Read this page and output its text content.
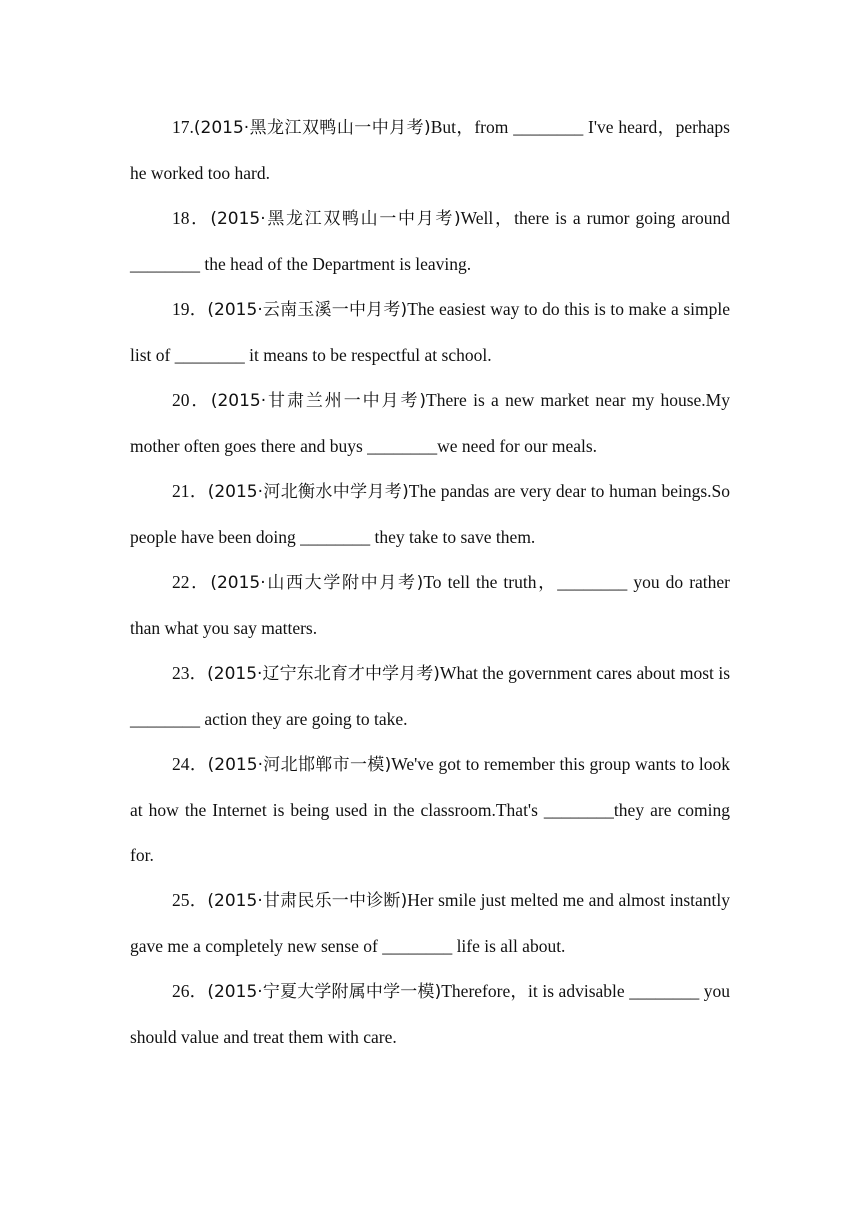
17.(2015·黑龙江双鸭山一中月考)But，from ________ I've heard，perhaps he worked too hard.

18．(2015·黑龙江双鸭山一中月考)Well，there is a rumor going around ________ the head of the Department is leaving.

19．(2015·云南玉溪一中月考)The easiest way to do this is to make a simple list of ________ it means to be respectful at school.

20．(2015·甘肃兰州一中月考)There is a new market near my house.My mother often goes there and buys ________we need for our meals.

21．(2015·河北衡水中学月考)The pandas are very dear to human beings.So people have been doing ________ they take to save them.

22．(2015·山西大学附中月考)To tell the truth，________ you do rather than what you say matters.

23．(2015·辽宁东北育才中学月考)What the government cares about most is ________ action they are going to take.

24．(2015·河北邯郸市一模)We've got to remember this group wants to look at how the Internet is being used in the classroom.That's ________they are coming for.

25．(2015·甘肃民乐一中诊断)Her smile just melted me and almost instantly gave me a completely new sense of ________ life is all about.

26．(2015·宁夏大学附属中学一模)Therefore，it is advisable ________ you should value and treat them with care.
